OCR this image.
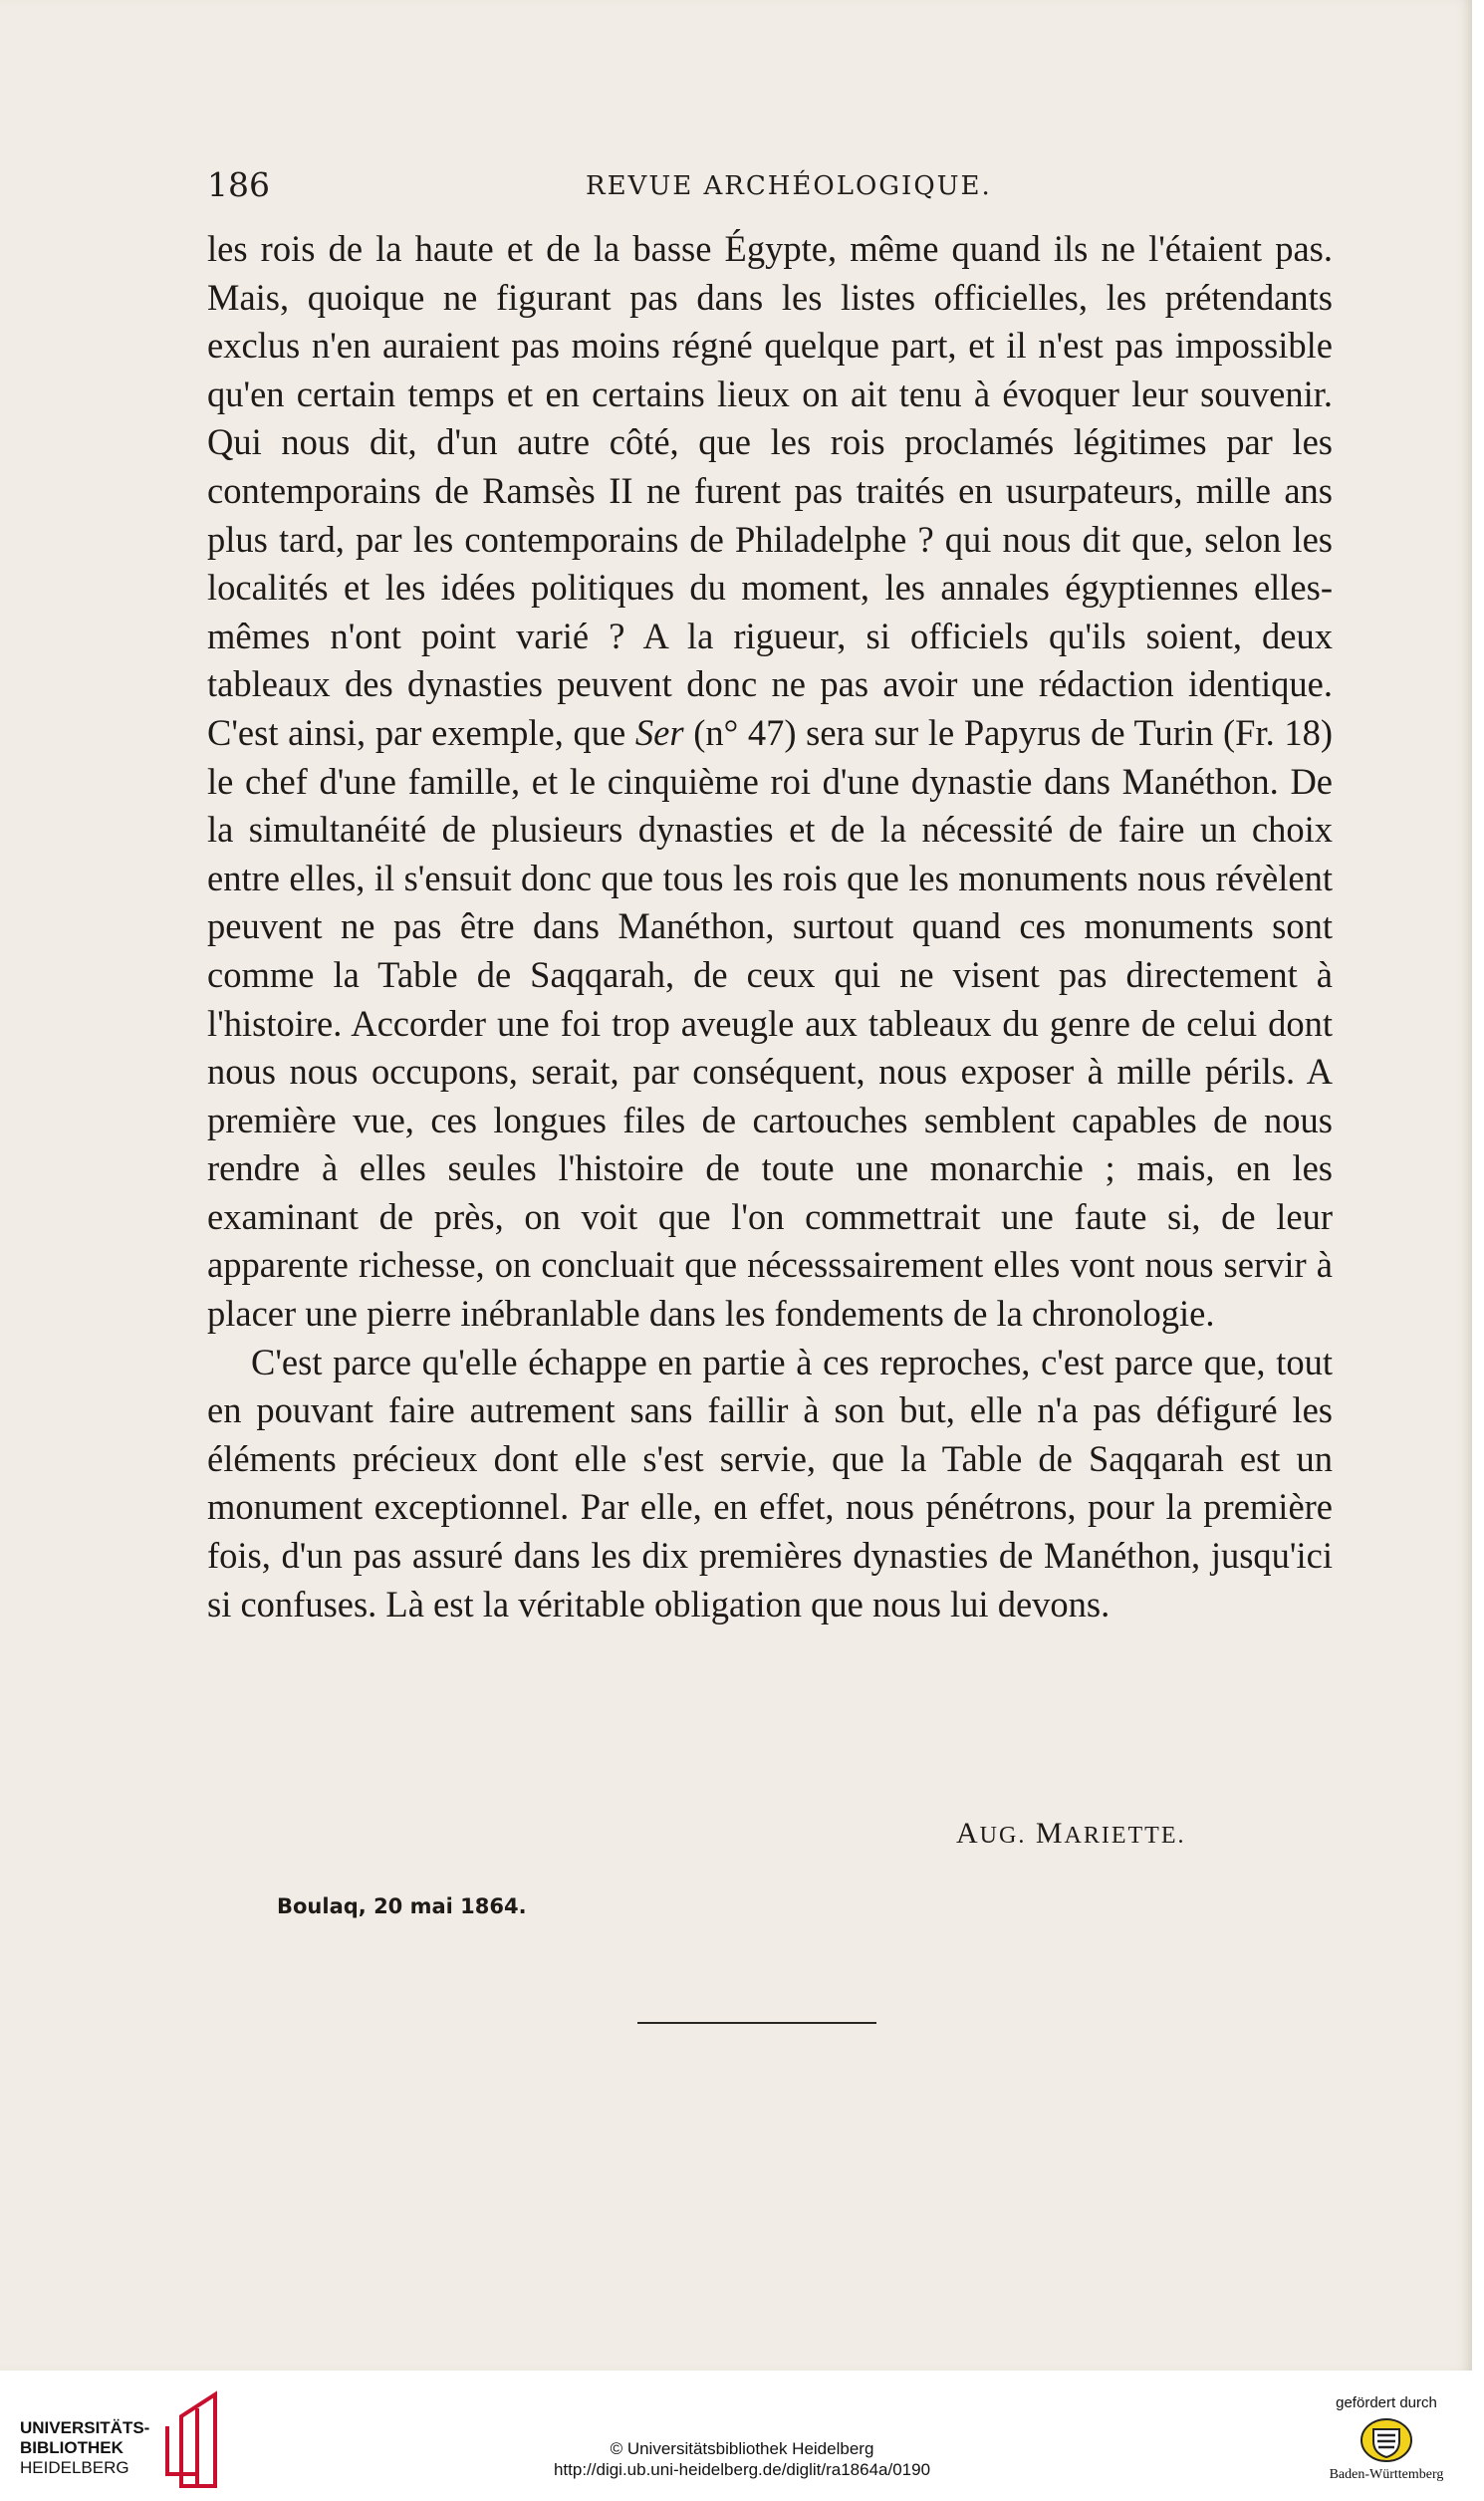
186	REVUE ARCHÉOLOGIQUE.

les rois de la haute et de la basse Égypte, même quand ils ne l'étaient pas. Mais, quoique ne figurant pas dans les listes officielles, les prétendants exclus n'en auraient pas moins régné quelque part, et il n'est pas impossible qu'en certain temps et en certains lieux on ait tenu à évoquer leur souvenir. Qui nous dit, d'un autre côté, que les rois proclamés légitimes par les contemporains de Ramsès II ne furent pas traités en usurpateurs, mille ans plus tard, par les contemporains de Philadelphe ? qui nous dit que, selon les localités et les idées politiques du moment, les annales égyptiennes elles-mêmes n'ont point varié ? A la rigueur, si officiels qu'ils soient, deux tableaux des dynasties peuvent donc ne pas avoir une rédaction identique. C'est ainsi, par exemple, que Ser (n° 47) sera sur le Papyrus de Turin (Fr. 18) le chef d'une famille, et le cinquième roi d'une dynastie dans Manéthon. De la simultanéité de plusieurs dynasties et de la nécessité de faire un choix entre elles, il s'ensuit donc que tous les rois que les monuments nous révèlent peuvent ne pas être dans Manéthon, surtout quand ces monuments sont comme la Table de Saqqarah, de ceux qui ne visent pas directement à l'histoire. Accorder une foi trop aveugle aux tableaux du genre de celui dont nous nous occupons, serait, par conséquent, nous exposer à mille périls. A première vue, ces longues files de cartouches semblent capables de nous rendre à elles seules l'histoire de toute une monarchie ; mais, en les examinant de près, on voit que l'on commettrait une faute si, de leur apparente richesse, on concluait que nécesssairement elles vont nous servir à placer une pierre inébranlable dans les fondements de la chronologie.

C'est parce qu'elle échappe en partie à ces reproches, c'est parce que, tout en pouvant faire autrement sans faillir à son but, elle n'a pas défiguré les éléments précieux dont elle s'est servie, que la Table de Saqqarah est un monument exceptionnel. Par elle, en effet, nous pénétrons, pour la première fois, d'un pas assuré dans les dix premières dynasties de Manéthon, jusqu'ici si confuses. Là est la véritable obligation que nous lui devons.

AUG. MARIETTE.
Boulaq, 20 mai 1864.
UNIVERSITÄTS-
BIBLIOTHEK
HEIDELBERG
© Universitätsbibliothek Heidelberg
http://digi.ub.uni-heidelberg.de/diglit/ra1864a/0190
gefördert durch
Baden-Württemberg
